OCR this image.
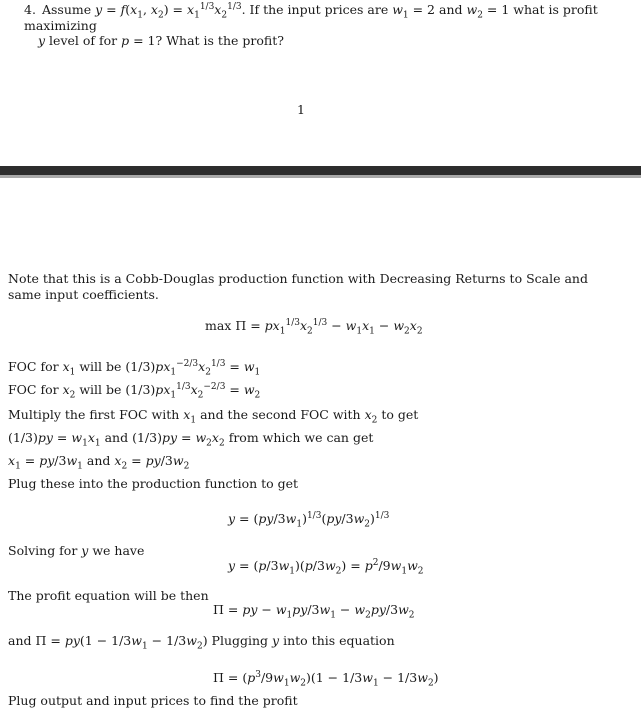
4. Assume $y = f(x_1$, $x_2) = x_1^{1/3}x_2^{1/3}$. If the input prices are $w_1 = 2$ and $w_2 = 1$ what is profit maximizing
y level of for p = 1? What is the profit?
1
Note that this is a Cobb-Douglas production function with Decreasing Returns to Scale and same input coefficients.
$\max \Pi = px_1^{1/3}x_2^{1/3} - w_1x_1 - w_2x_2$
FOC for $x_1$ will be $(1/3)px_1^{-2/3}x_2^{1/3} = w_1$
FOC for $x_2$ will be $(1/3)px_1^{1/3}x_2^{-2/3} = w_2$
Multiply the first FOC with $x_1$ and the second FOC with $x_2$ to get
$(1/3)py = w_1x_1$ and $(1/3)py = w_2x_2$ from which we can get
$x_1 = py/3w_1$ and $x_2 = py/3w_2$
Plug these into the production function to get
$y = (py/3w_1)^{1/3}(py/3w_2)^{1/3}$
Solving for y we have
$y = (p/3w_1)(p/3w_2) = p^2/9w_1w_2$
The profit equation will be then
Π = py − $w_1py/3w_1 - w_2py/3w_2$
and $\Pi = py(1 - 1/3w_1 - 1/3w_2)$ Plugging y into this equation
$\Pi = (p^3/9w_1w_2)(1 - 1/3w_1 - 1/3w_2)$
Plug output and input prices to find the profit
